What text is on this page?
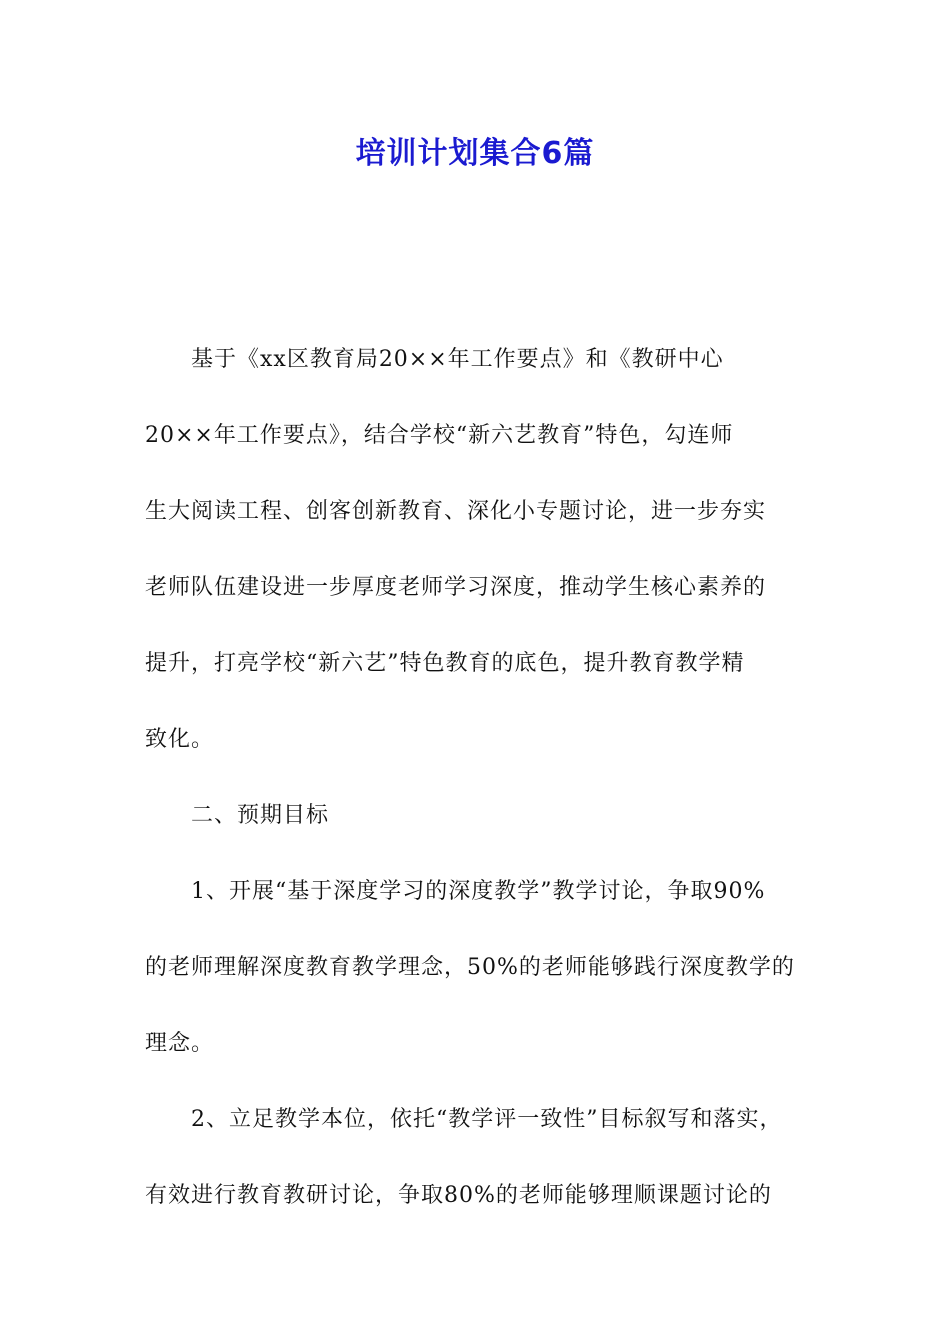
培训计划集合6篇
基于《xx区教育局20××年工作要点》和《教研中心
20××年工作要点》，结合学校“新六艺教育”特色，勾连师
生大阅读工程、创客创新教育、深化小专题讨论，进一步夯实
老师队伍建设进一步厚度老师学习深度，推动学生核心素养的
提升，打亮学校“新六艺”特色教育的底色，提升教育教学精
致化。
二、预期目标
1、开展“基于深度学习的深度教学”教学讨论，争取90%
的老师理解深度教育教学理念，50%的老师能够践行深度教学的
理念。
2、立足教学本位，依托“教学评一致性”目标叙写和落实，
有效进行教育教研讨论，争取80%的老师能够理顺课题讨论的
